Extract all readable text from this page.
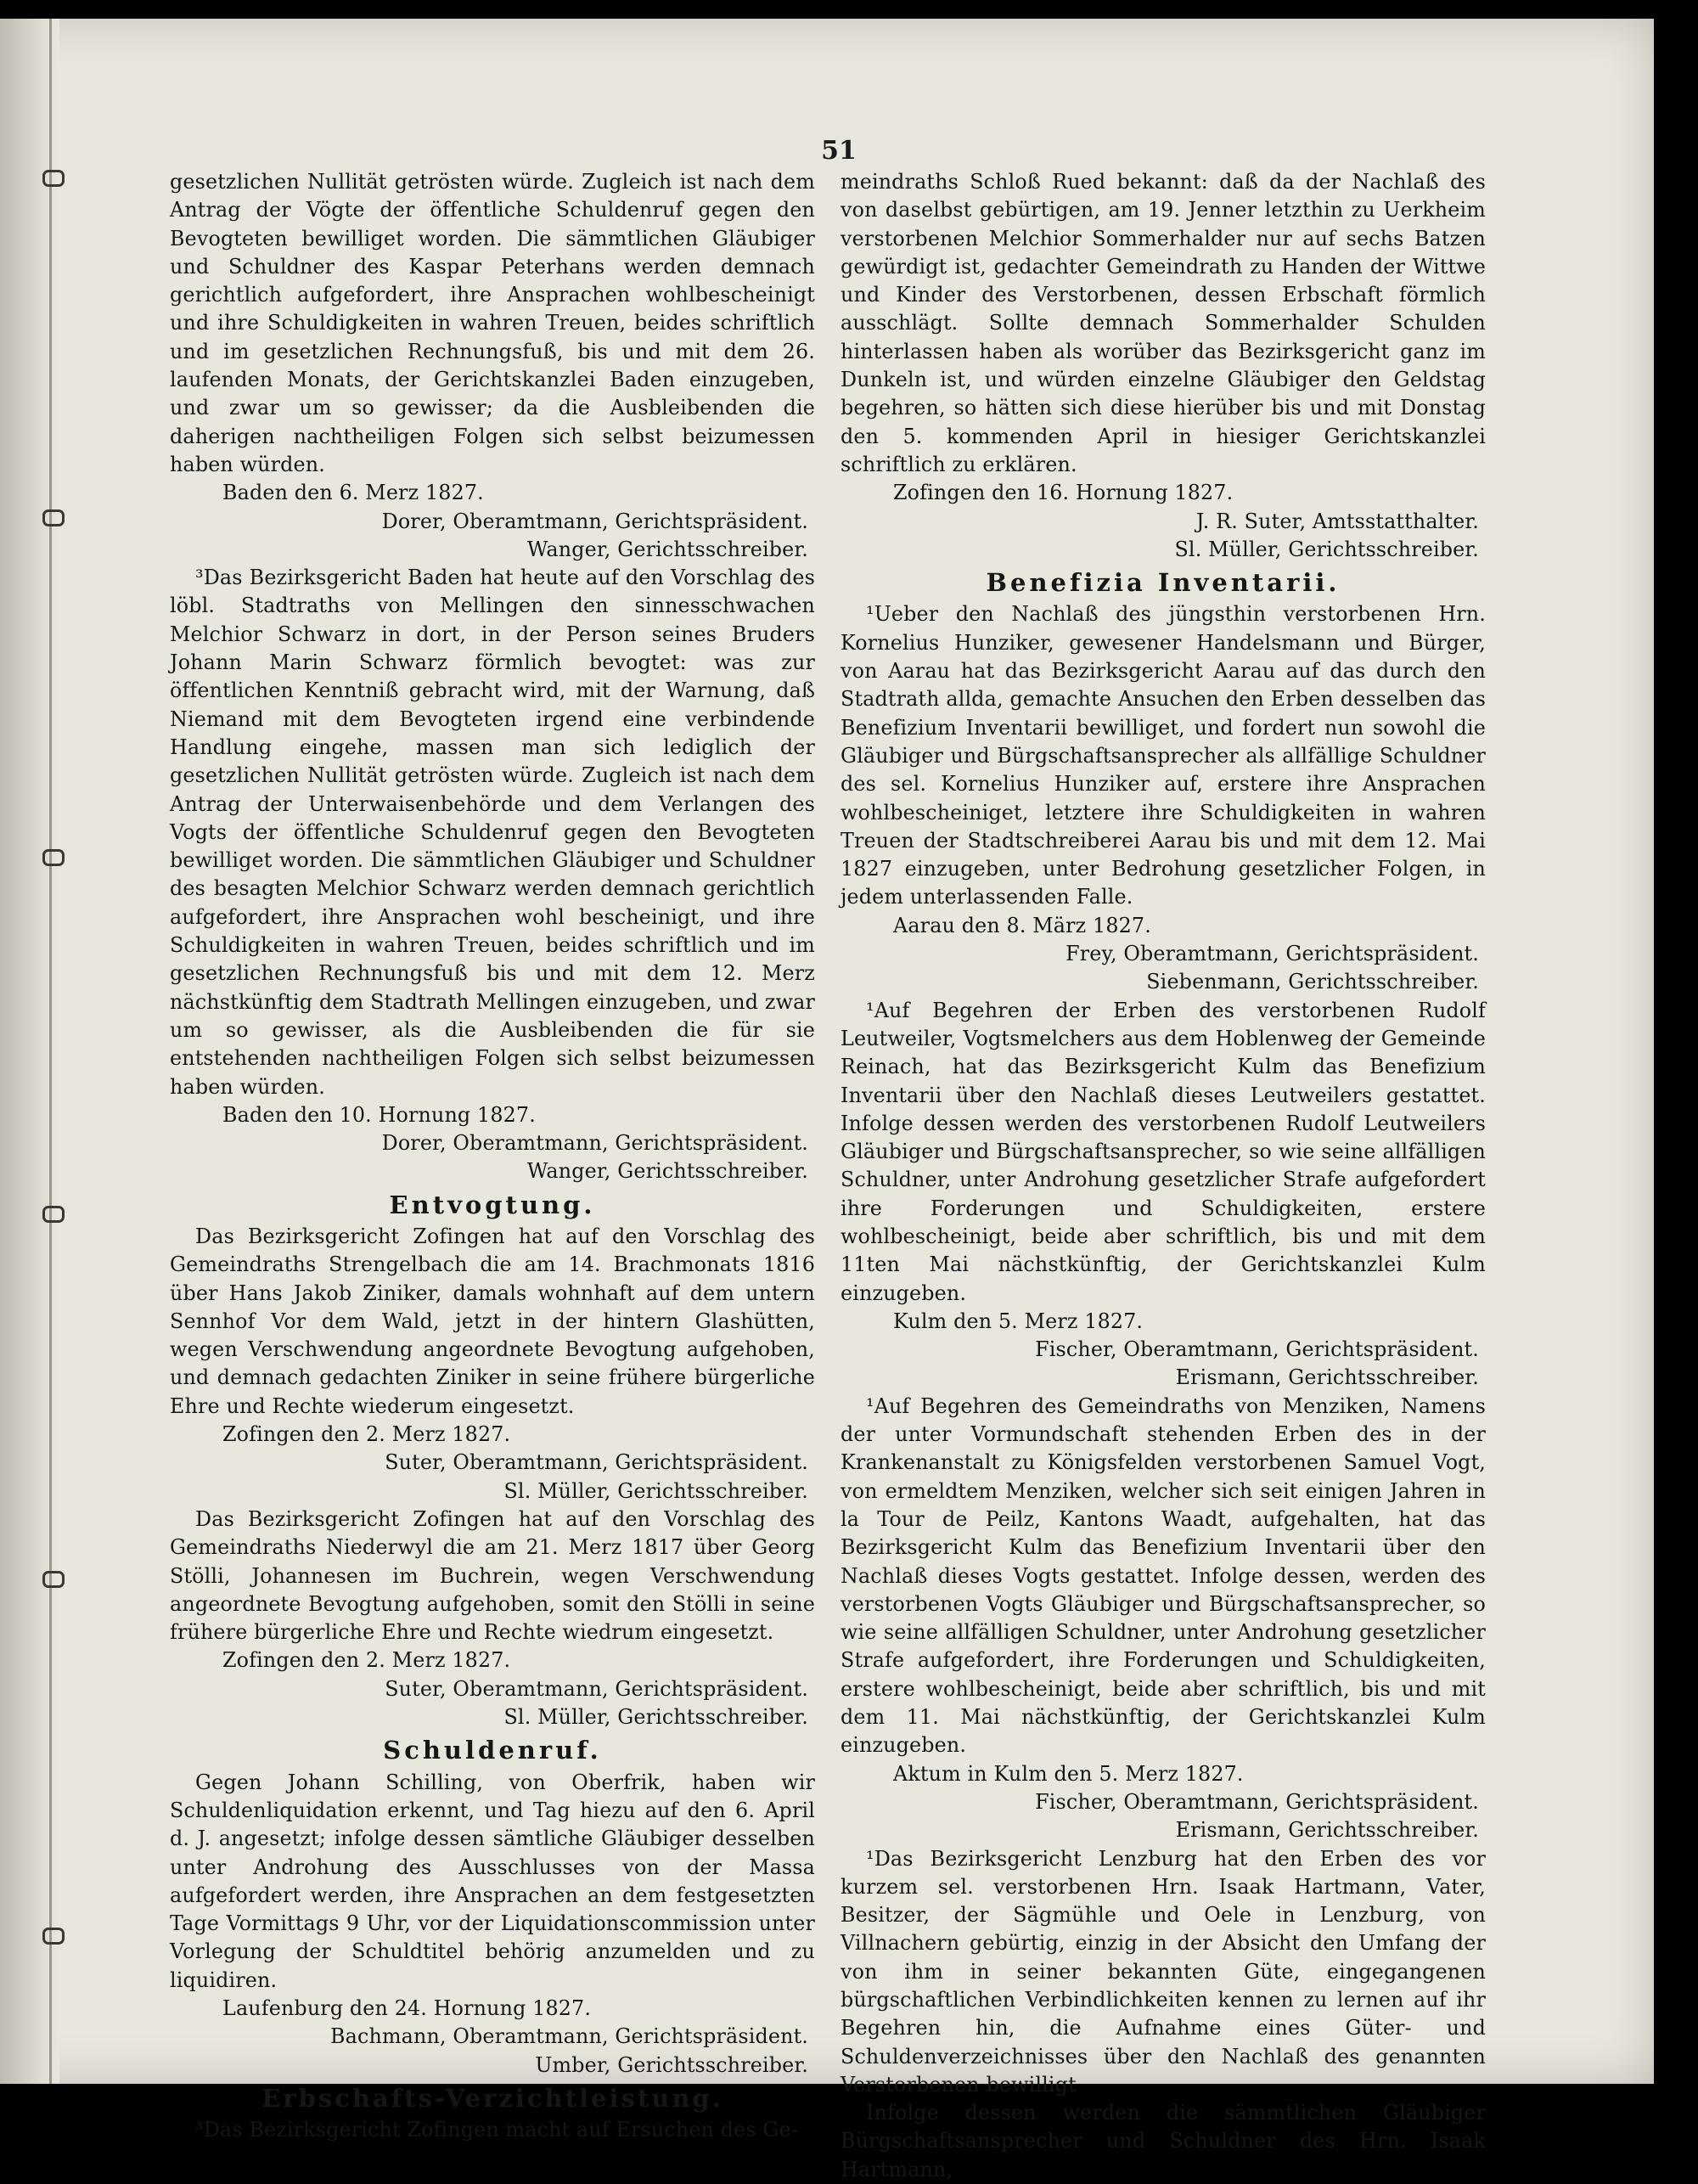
51

gesetzlichen Nullität getrösten würde. Zugleich ist nach dem Antrag der Vögte der öffentliche Schuldenruf gegen den Bevogteten bewilliget worden. Die sämmtlichen Gläubiger und Schuldner des Kaspar Peterhans werden demnach gerichtlich aufgefordert, ihre Ansprachen wohlbescheinigt und ihre Schuldigkeiten in wahren Treuen, beides schriftlich und im gesetzlichen Rechnungsfuß, bis und mit dem 26. laufenden Monats, der Gerichtskanzlei Baden einzugeben, und zwar um so gewisser; da die Ausbleibenden die daherigen nachtheiligen Folgen sich selbst beizumessen haben würden.

Baden den 6. Merz 1827.

Dorer, Oberamtmann, Gerichtspräsident.

Wanger, Gerichtsschreiber.

³Das Bezirksgericht Baden hat heute auf den Vorschlag des löbl. Stadtraths von Mellingen den sinnesschwachen Melchior Schwarz in dort, in der Person seines Bruders Johann Marin Schwarz förmlich bevogtet: was zur öffentlichen Kenntniß gebracht wird, mit der Warnung, daß Niemand mit dem Bevogteten irgend eine verbindende Handlung eingehe, massen man sich lediglich der gesetzlichen Nullität getrösten würde. Zugleich ist nach dem Antrag der Unterwaisenbehörde und dem Verlangen des Vogts der öffentliche Schuldenruf gegen den Bevogteten bewilliget worden. Die sämmtlichen Gläubiger und Schuldner des besagten Melchior Schwarz werden demnach gerichtlich aufgefordert, ihre Ansprachen wohl bescheinigt, und ihre Schuldigkeiten in wahren Treuen, beides schriftlich und im gesetzlichen Rechnungsfuß bis und mit dem 12. Merz nächstkünftig dem Stadtrath Mellingen einzugeben, und zwar um so gewisser, als die Ausbleibenden die für sie entstehenden nachtheiligen Folgen sich selbst beizumessen haben würden.

Baden den 10. Hornung 1827.

Dorer, Oberamtmann, Gerichtspräsident.

Wanger, Gerichtsschreiber.

Entvogtung.

Das Bezirksgericht Zofingen hat auf den Vorschlag des Gemeindraths Strengelbach die am 14. Brachmonats 1816 über Hans Jakob Ziniker, damals wohnhaft auf dem untern Sennhof Vor dem Wald, jetzt in der hintern Glashütten, wegen Verschwendung angeordnete Bevogtung aufgehoben, und demnach gedachten Ziniker in seine frühere bürgerliche Ehre und Rechte wiederum eingesetzt.

Zofingen den 2. Merz 1827.

Suter, Oberamtmann, Gerichtspräsident.

Sl. Müller, Gerichtsschreiber.

Das Bezirksgericht Zofingen hat auf den Vorschlag des Gemeindraths Niederwyl die am 21. Merz 1817 über Georg Stölli, Johannesen im Buchrein, wegen Verschwendung angeordnete Bevogtung aufgehoben, somit den Stölli in seine frühere bürgerliche Ehre und Rechte wiedrum eingesetzt.

Zofingen den 2. Merz 1827.

Suter, Oberamtmann, Gerichtspräsident.

Sl. Müller, Gerichtsschreiber.

Schuldenruf.

Gegen Johann Schilling, von Oberfrik, haben wir Schuldenliquidation erkennt, und Tag hiezu auf den 6. April d. J. angesetzt; infolge dessen sämtliche Gläubiger desselben unter Androhung des Ausschlusses von der Massa aufgefordert werden, ihre Ansprachen an dem festgesetzten Tage Vormittags 9 Uhr, vor der Liquidationscommission unter Vorlegung der Schuldtitel behörig anzumelden und zu liquidiren.

Laufenburg den 24. Hornung 1827.

Bachmann, Oberamtmann, Gerichtspräsident.

Umber, Gerichtsschreiber.

Erbschafts-Verzichtleistung.

³Das Bezirksgericht Zofingen macht auf Ersuchen des Ge-

meindraths Schloß Rued bekannt: daß da der Nachlaß des von daselbst gebürtigen, am 19. Jenner letzthin zu Uerkheim verstorbenen Melchior Sommerhalder nur auf sechs Batzen gewürdigt ist, gedachter Gemeindrath zu Handen der Wittwe und Kinder des Verstorbenen, dessen Erbschaft förmlich ausschlägt. Sollte demnach Sommerhalder Schulden hinterlassen haben als worüber das Bezirksgericht ganz im Dunkeln ist, und würden einzelne Gläubiger den Geldstag begehren, so hätten sich diese hierüber bis und mit Donstag den 5. kommenden April in hiesiger Gerichtskanzlei schriftlich zu erklären.

Zofingen den 16. Hornung 1827.

J. R. Suter, Amtsstatthalter.

Sl. Müller, Gerichtsschreiber.

Benefizia Inventarii.

¹Ueber den Nachlaß des jüngsthin verstorbenen Hrn. Kornelius Hunziker, gewesener Handelsmann und Bürger, von Aarau hat das Bezirksgericht Aarau auf das durch den Stadtrath allda, gemachte Ansuchen den Erben desselben das Benefizium Inventarii bewilliget, und fordert nun sowohl die Gläubiger und Bürgschaftsansprecher als allfällige Schuldner des sel. Kornelius Hunziker auf, erstere ihre Ansprachen wohlbescheiniget, letztere ihre Schuldigkeiten in wahren Treuen der Stadtschreiberei Aarau bis und mit dem 12. Mai 1827 einzugeben, unter Bedrohung gesetzlicher Folgen, in jedem unterlassenden Falle.

Aarau den 8. März 1827.

Frey, Oberamtmann, Gerichtspräsident.

Siebenmann, Gerichtsschreiber.

¹Auf Begehren der Erben des verstorbenen Rudolf Leutweiler, Vogtsmelchers aus dem Hoblenweg der Gemeinde Reinach, hat das Bezirksgericht Kulm das Benefizium Inventarii über den Nachlaß dieses Leutweilers gestattet. Infolge dessen werden des verstorbenen Rudolf Leutweilers Gläubiger und Bürgschaftsansprecher, so wie seine allfälligen Schuldner, unter Androhung gesetzlicher Strafe aufgefordert ihre Forderungen und Schuldigkeiten, erstere wohlbescheinigt, beide aber schriftlich, bis und mit dem 11ten Mai nächstkünftig, der Gerichtskanzlei Kulm einzugeben.

Kulm den 5. Merz 1827.

Fischer, Oberamtmann, Gerichtspräsident.

Erismann, Gerichtsschreiber.

¹Auf Begehren des Gemeindraths von Menziken, Namens der unter Vormundschaft stehenden Erben des in der Krankenanstalt zu Königsfelden verstorbenen Samuel Vogt, von ermeldtem Menziken, welcher sich seit einigen Jahren in la Tour de Peilz, Kantons Waadt, aufgehalten, hat das Bezirksgericht Kulm das Benefizium Inventarii über den Nachlaß dieses Vogts gestattet. Infolge dessen, werden des verstorbenen Vogts Gläubiger und Bürgschaftsansprecher, so wie seine allfälligen Schuldner, unter Androhung gesetzlicher Strafe aufgefordert, ihre Forderungen und Schuldigkeiten, erstere wohlbescheinigt, beide aber schriftlich, bis und mit dem 11. Mai nächstkünftig, der Gerichtskanzlei Kulm einzugeben.

Aktum in Kulm den 5. Merz 1827.

Fischer, Oberamtmann, Gerichtspräsident.

Erismann, Gerichtsschreiber.

¹Das Bezirksgericht Lenzburg hat den Erben des vor kurzem sel. verstorbenen Hrn. Isaak Hartmann, Vater, Besitzer, der Sägmühle und Oele in Lenzburg, von Villnachern gebürtig, einzig in der Absicht den Umfang der von ihm in seiner bekannten Güte, eingegangenen bürgschaftlichen Verbindlichkeiten kennen zu lernen auf ihr Begehren hin, die Aufnahme eines Güter- und Schuldenverzeichnisses über den Nachlaß des genannten Verstorbenen bewilligt

Infolge dessen werden die sämmtlichen Gläubiger Bürgschaftsansprecher und Schuldner des Hrn. Isaak Hartmann,
